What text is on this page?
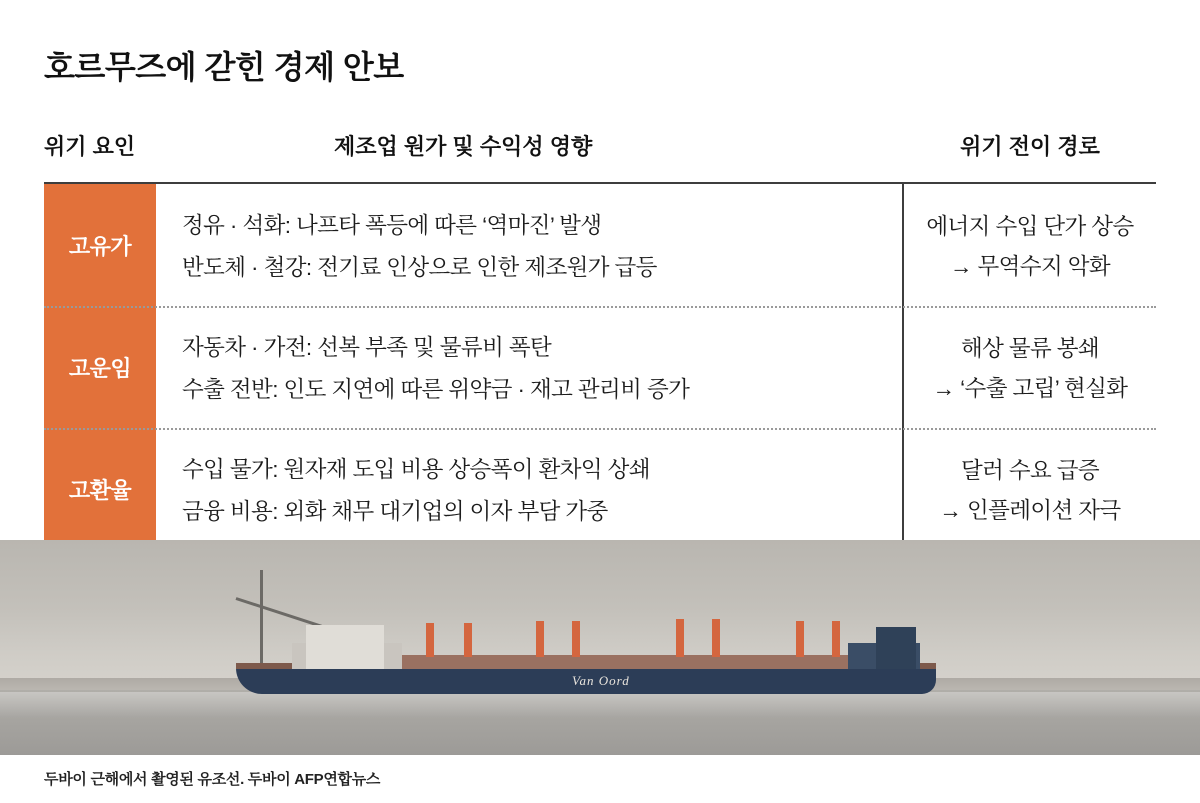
호르무즈에 갇힌 경제 안보
위기 요인	제조업 원가 및 수익성 영향	위기 전이 경로
고유가
정유 · 석화: 나프타 폭등에 따른 ‘역마진’ 발생
반도체 · 철강: 전기료 인상으로 인한 제조원가 급등
에너지 수입 단가 상승
→ 무역수지 악화
고운임
자동차 · 가전: 선복 부족 및 물류비 폭탄
수출 전반: 인도 지연에 따른 위약금 · 재고 관리비 증가
해상 물류 봉쇄
→ ‘수출 고립’ 현실화
고환율
수입 물가: 원자재 도입 비용 상승폭이 환차익 상쇄
금융 비용: 외화 채무 대기업의 이자 부담 가중
달러 수요 급증
→ 인플레이션 자극
Van Oord
두바이 근해에서 촬영된 유조선. 두바이 AFP연합뉴스
